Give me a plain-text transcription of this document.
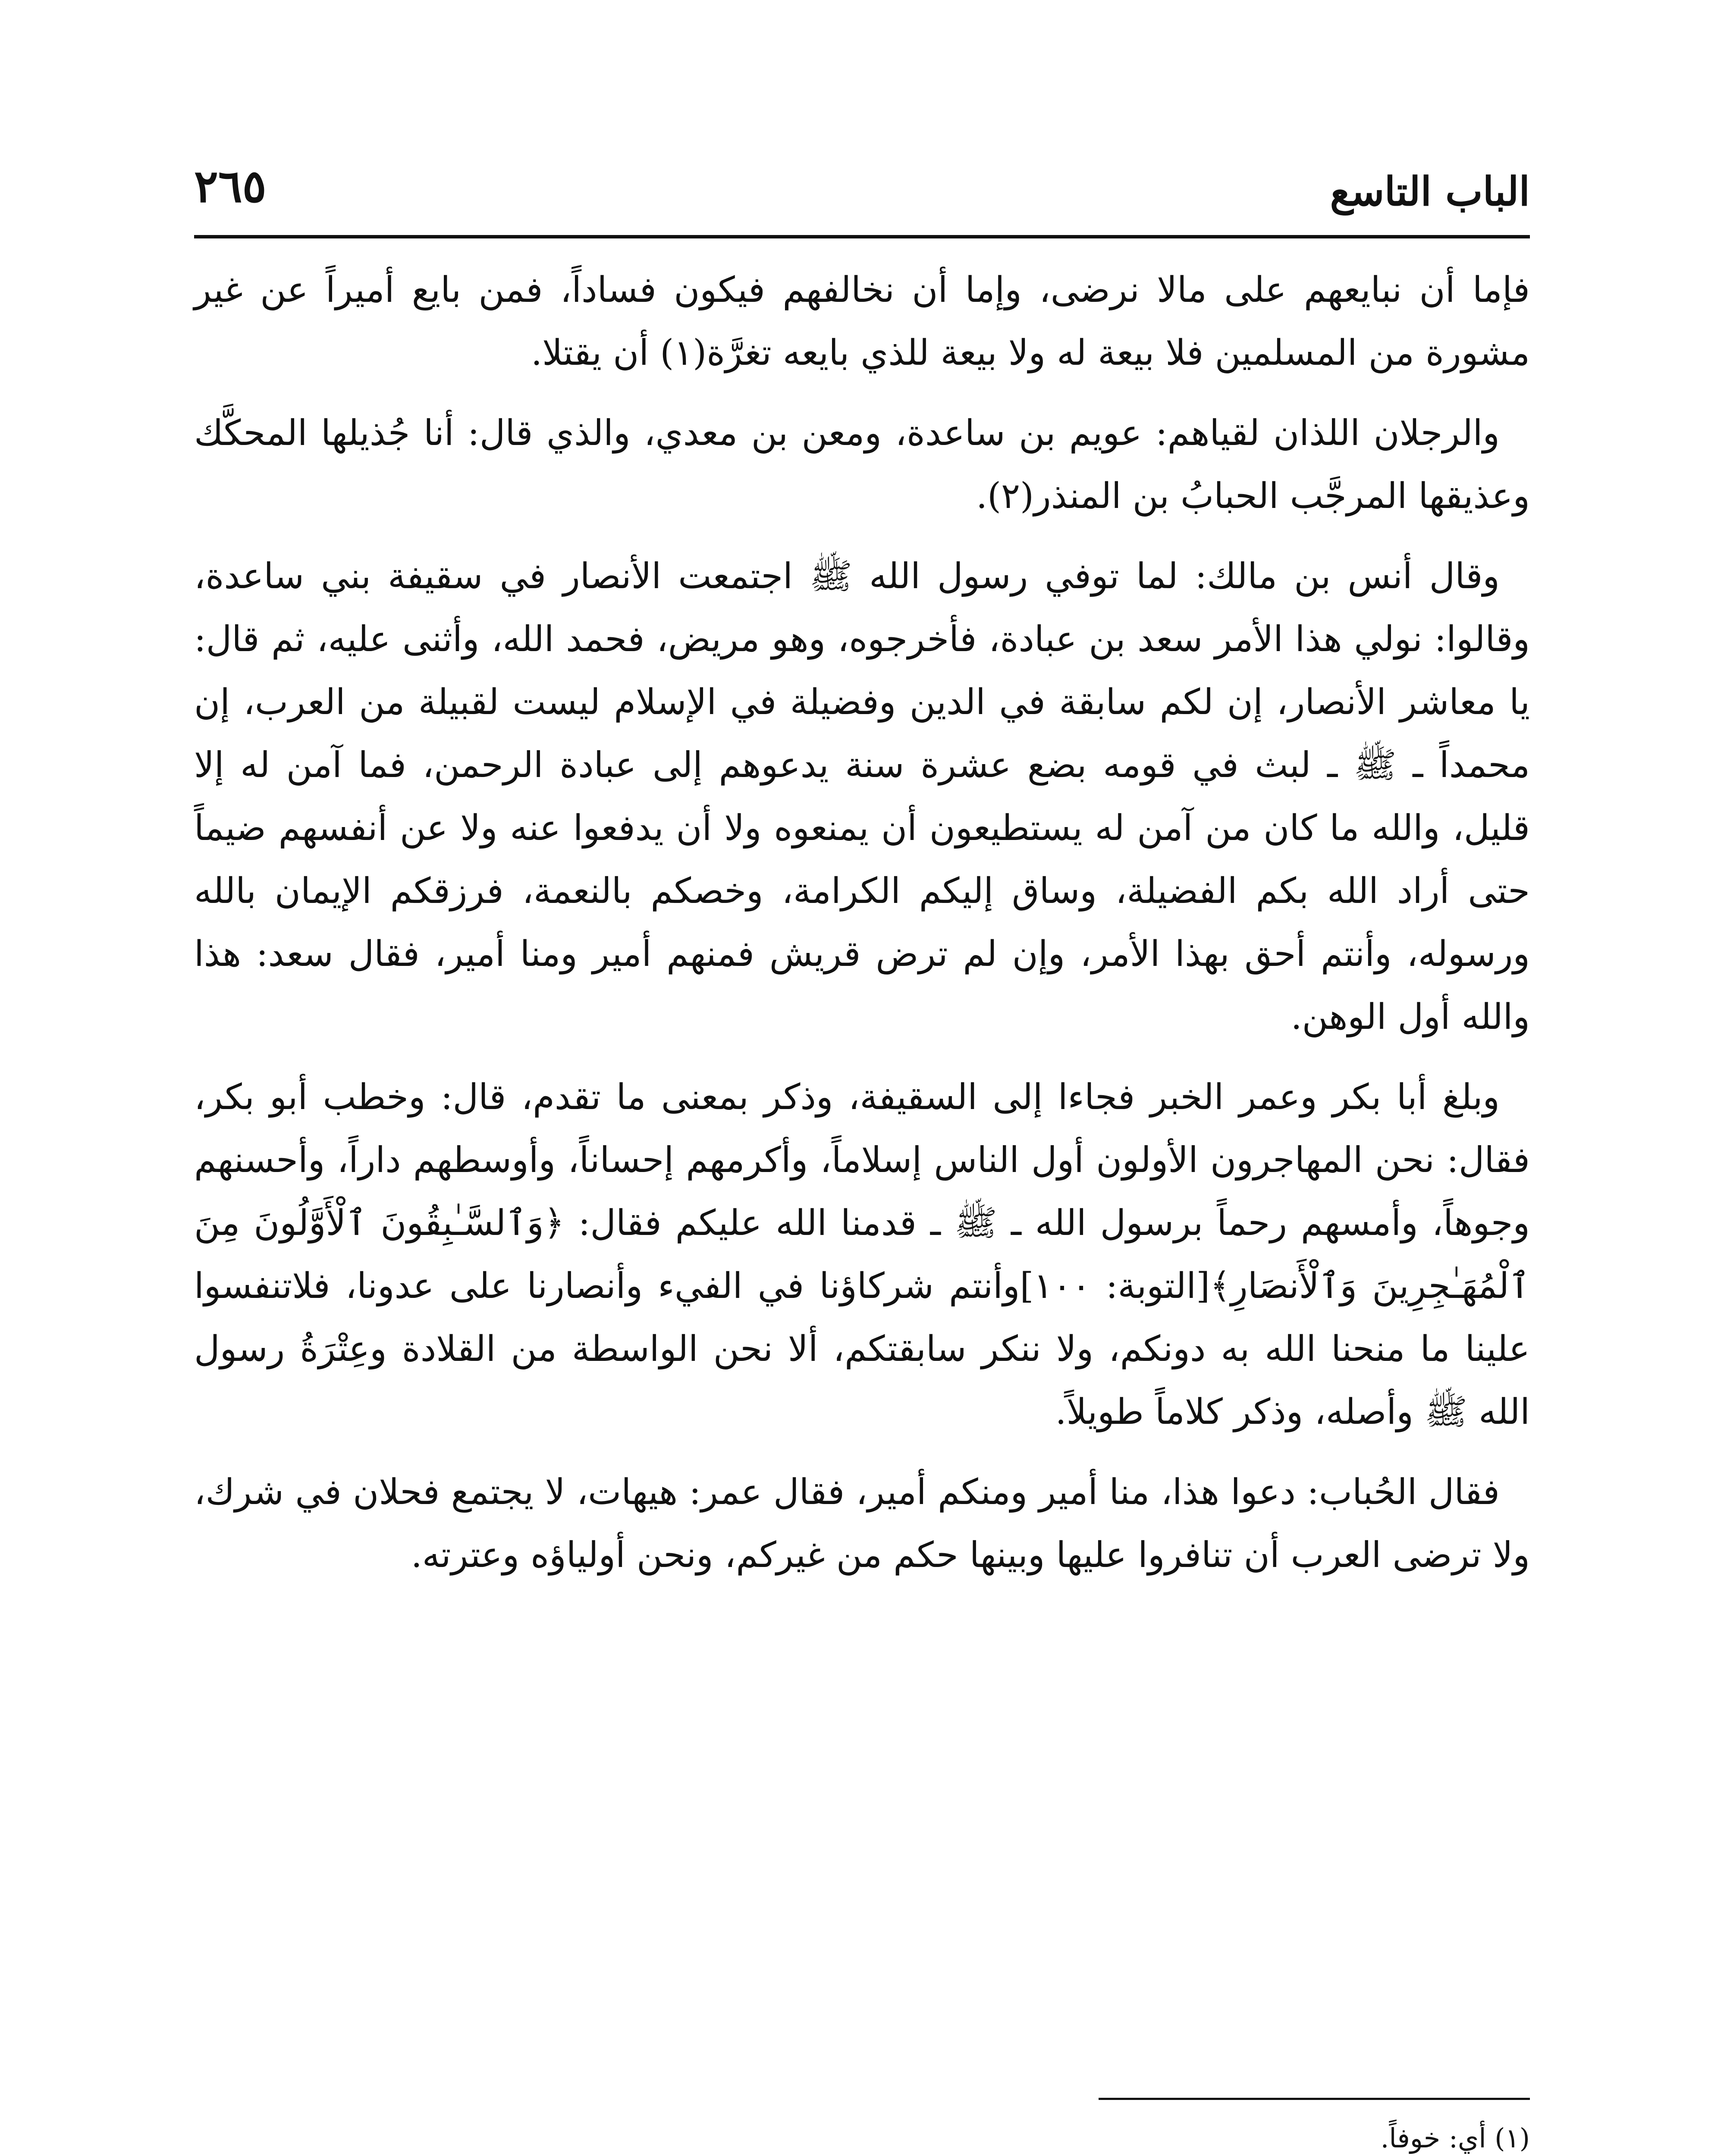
الباب التاسع
٢٦٥

فإما أن نبايعهم على مالا نرضى، وإما أن نخالفهم فيكون فساداً، فمن بايع أميراً عن غير مشورة من المسلمين فلا بيعة له ولا بيعة للذي بايعه تغرَّة(١) أن يقتلا.

والرجلان اللذان لقياهم: عويم بن ساعدة، ومعن بن معدي، والذي قال: أنا جُذيلها المحكَّك وعذيقها المرجَّب الحبابُ بن المنذر(٢).

وقال أنس بن مالك: لما توفي رسول الله ﷺ اجتمعت الأنصار في سقيفة بني ساعدة، وقالوا: نولي هذا الأمر سعد بن عبادة، فأخرجوه، وهو مريض، فحمد الله، وأثنى عليه، ثم قال: يا معاشر الأنصار، إن لكم سابقة في الدين وفضيلة في الإسلام ليست لقبيلة من العرب، إن محمداً ـ ﷺ ـ لبث في قومه بضع عشرة سنة يدعوهم إلى عبادة الرحمن، فما آمن له إلا قليل، والله ما كان من آمن له يستطيعون أن يمنعوه ولا أن يدفعوا عنه ولا عن أنفسهم ضيماً حتى أراد الله بكم الفضيلة، وساق إليكم الكرامة، وخصكم بالنعمة، فرزقكم الإيمان بالله ورسوله، وأنتم أحق بهذا الأمر، وإن لم ترض قريش فمنهم أمير ومنا أمير، فقال سعد: هذا والله أول الوهن.

وبلغ أبا بكر وعمر الخبر فجاءا إلى السقيفة، وذكر بمعنى ما تقدم، قال: وخطب أبو بكر، فقال: نحن المهاجرون الأولون أول الناس إسلاماً، وأكرمهم إحساناً، وأوسطهم داراً، وأحسنهم وجوهاً، وأمسهم رحماً برسول الله ـ ﷺ ـ قدمنا الله عليكم فقال: ﴿وَٱلسَّـٰبِقُونَ ٱلْأَوَّلُونَ مِنَ ٱلْمُهَـٰجِرِينَ وَٱلْأَنصَارِ﴾[التوبة: ١٠٠]وأنتم شركاؤنا في الفيء وأنصارنا على عدونا، فلاتنفسوا علينا ما منحنا الله به دونكم، ولا ننكر سابقتكم، ألا نحن الواسطة من القلادة وعِتْرَةُ رسول الله ﷺ وأصله، وذكر كلاماً طويلاً.

فقال الحُباب: دعوا هذا، منا أمير ومنكم أمير، فقال عمر: هيهات، لا يجتمع فحلان في شرك، ولا ترضى العرب أن تنافروا عليها وبينها حكم من غيركم، ونحن أولياؤه وعترته.

(١) أي: خوفاً.
